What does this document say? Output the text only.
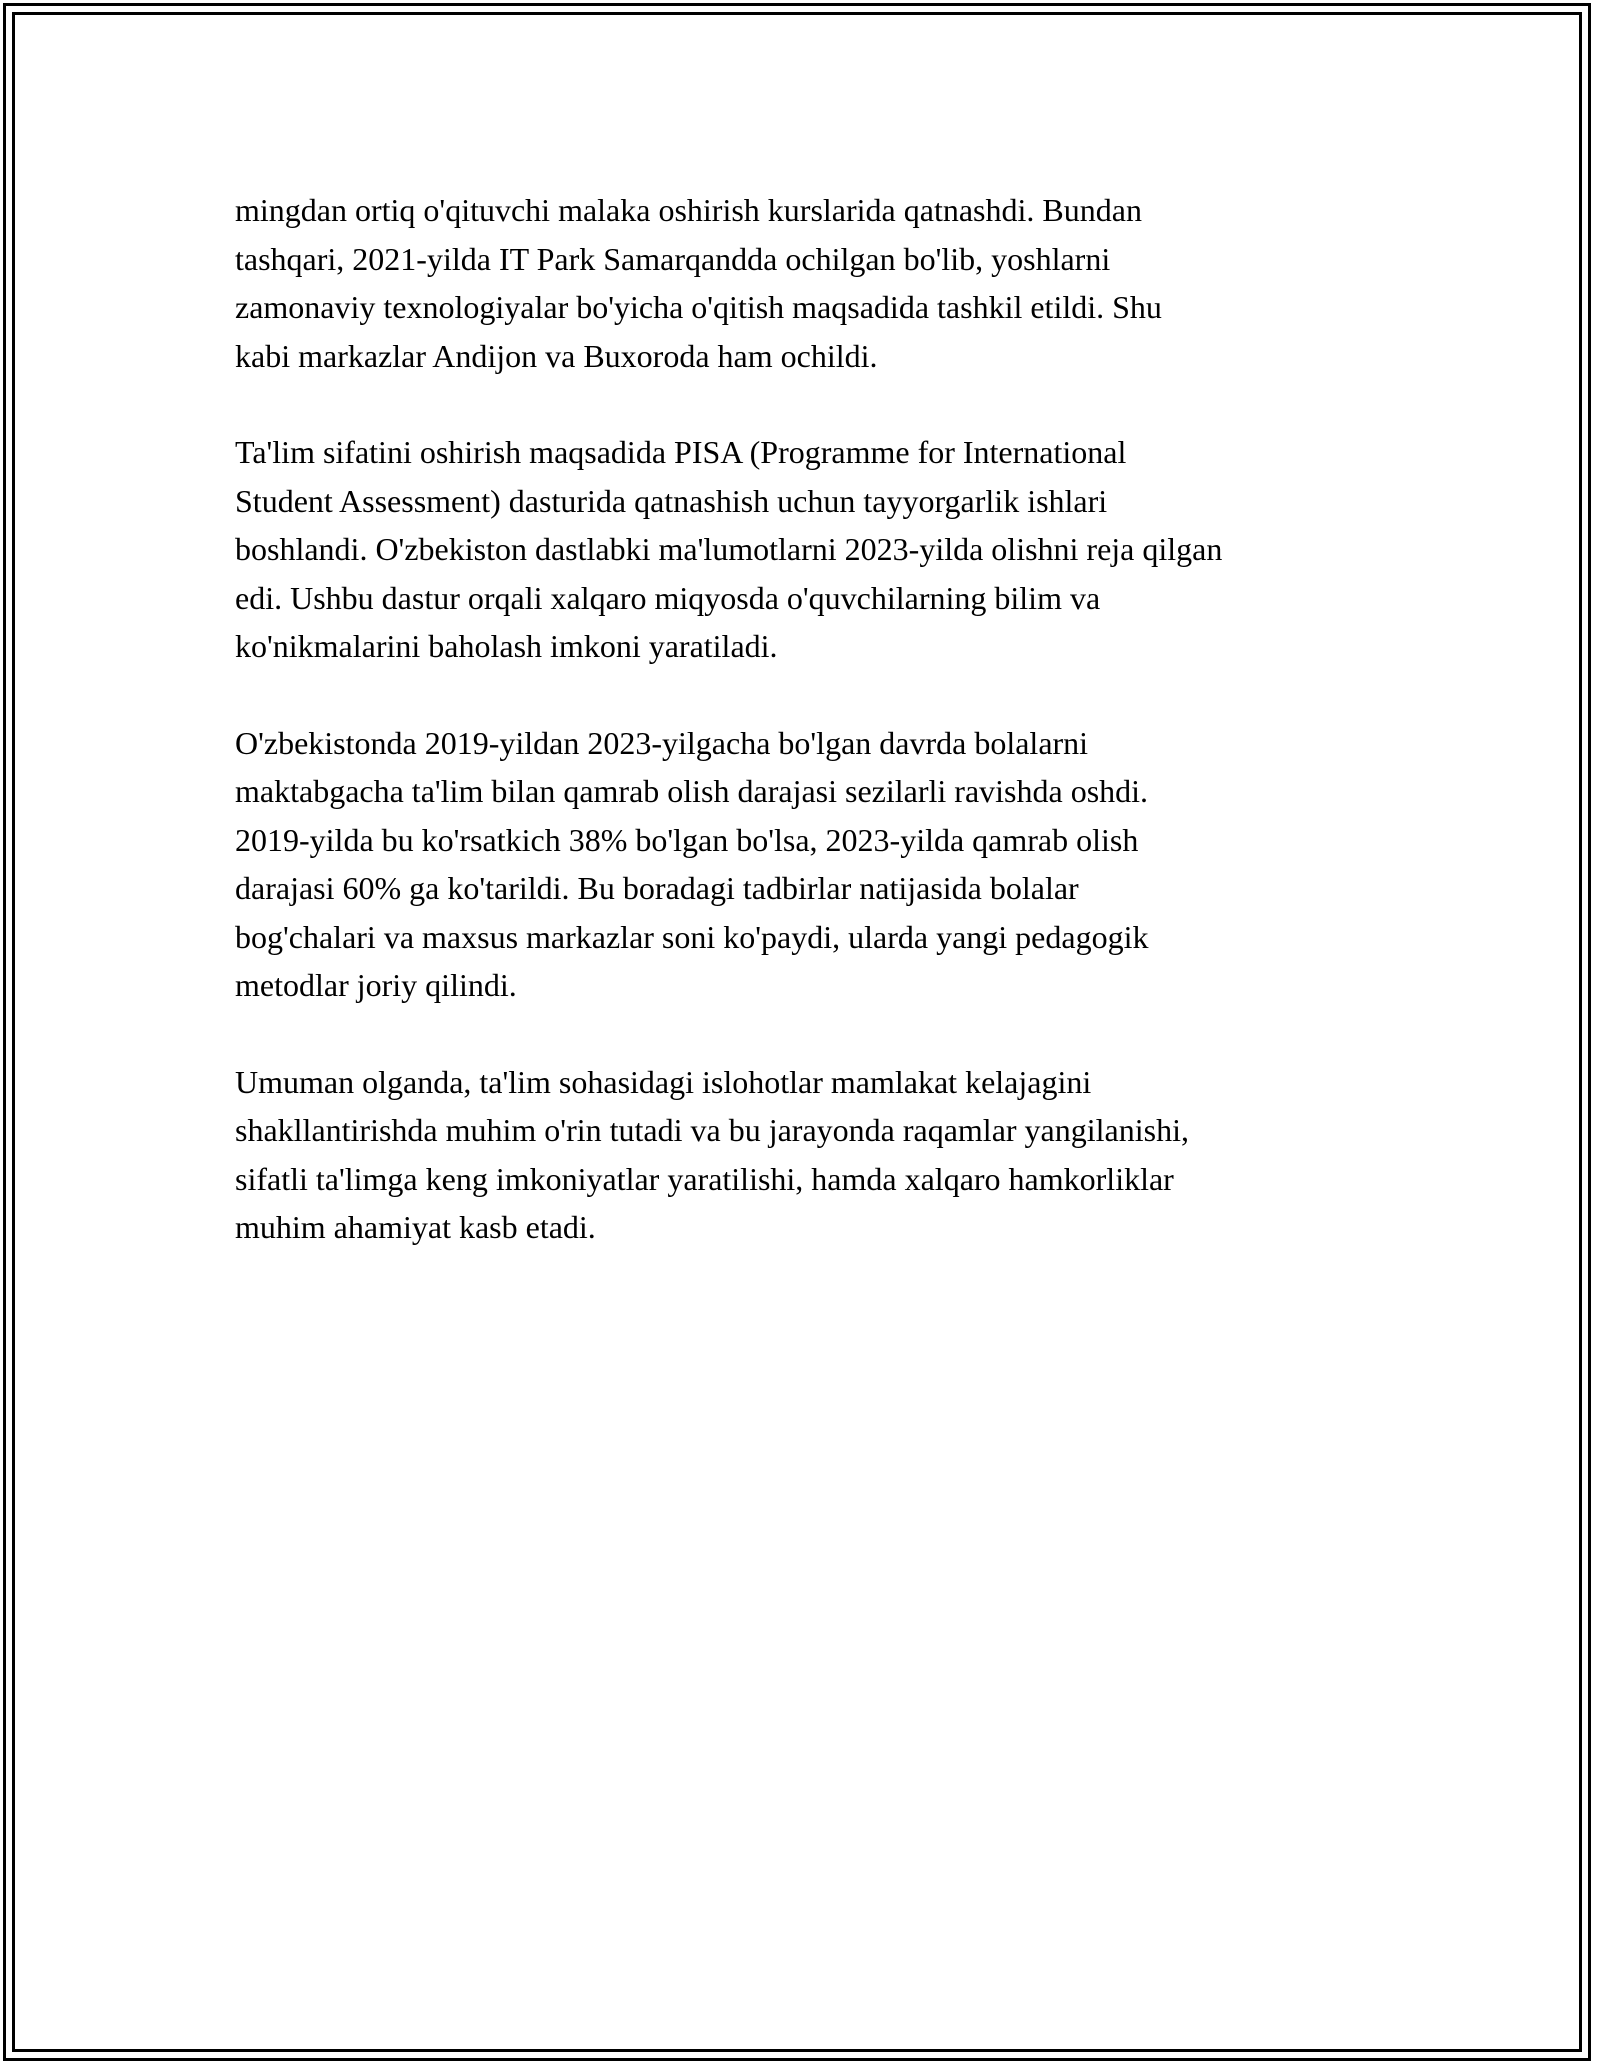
mingdan ortiq o'qituvchi malaka oshirish kurslarida qatnashdi. Bundan
tashqari, 2021-yilda IT Park Samarqandda ochilgan bo'lib, yoshlarni
zamonaviy texnologiyalar bo'yicha o'qitish maqsadida tashkil etildi. Shu
kabi markazlar Andijon va Buxoroda ham ochildi.

Ta'lim sifatini oshirish maqsadida PISA (Programme for International
Student Assessment) dasturida qatnashish uchun tayyorgarlik ishlari
boshlandi. O'zbekiston dastlabki ma'lumotlarni 2023-yilda olishni reja qilgan
edi. Ushbu dastur orqali xalqaro miqyosda o'quvchilarning bilim va
ko'nikmalarini baholash imkoni yaratiladi.

O'zbekistonda 2019-yildan 2023-yilgacha bo'lgan davrda bolalarni
maktabgacha ta'lim bilan qamrab olish darajasi sezilarli ravishda oshdi.
2019-yilda bu ko'rsatkich 38% bo'lgan bo'lsa, 2023-yilda qamrab olish
darajasi 60% ga ko'tarildi. Bu boradagi tadbirlar natijasida bolalar
bog'chalari va maxsus markazlar soni ko'paydi, ularda yangi pedagogik
metodlar joriy qilindi.

Umuman olganda, ta'lim sohasidagi islohotlar mamlakat kelajagini
shakllantirishda muhim o'rin tutadi va bu jarayonda raqamlar yangilanishi,
sifatli ta'limga keng imkoniyatlar yaratilishi, hamda xalqaro hamkorliklar
muhim ahamiyat kasb etadi.
